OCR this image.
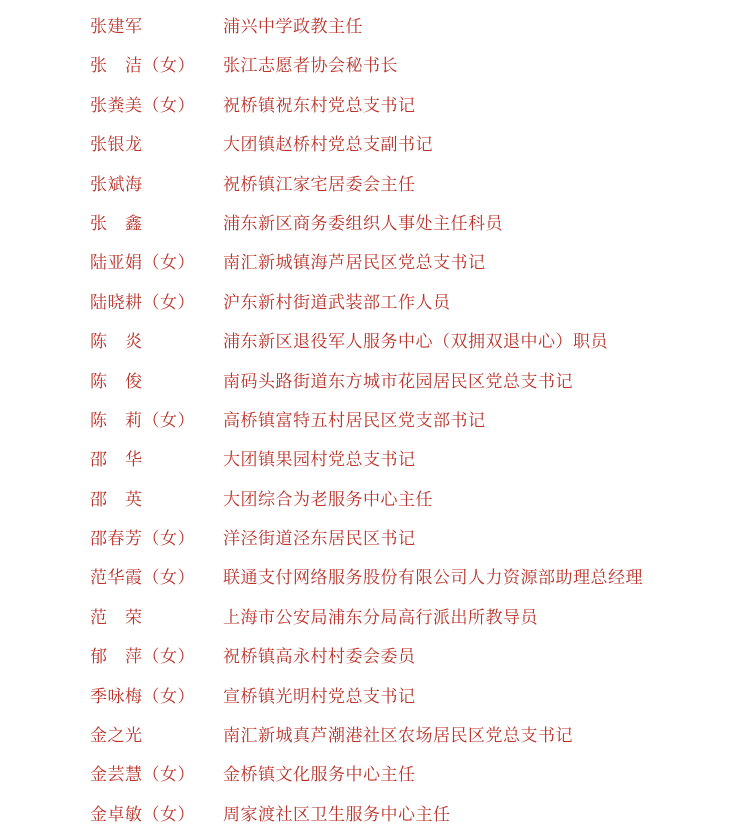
张建军	浦兴中学政教主任
张　洁（女） 张江志愿者协会秘书长
张粪美（女） 祝桥镇祝东村党总支书记
张银龙	大团镇赵桥村党总支副书记
张斌海	祝桥镇江家宅居委会主任
张　鑫	浦东新区商务委组织人事处主任科员
陆亚娟（女） 南汇新城镇海芦居民区党总支书记
陆晓耕（女） 沪东新村街道武装部工作人员
陈　炎	浦东新区退役军人服务中心（双拥双退中心）职员
陈　俊	南码头路街道东方城市花园居民区党总支书记
陈　莉（女） 高桥镇富特五村居民区党支部书记
邵　华	大团镇果园村党总支书记
邵　英	大团综合为老服务中心主任
邵春芳（女） 洋泾街道泾东居民区书记
范华霞（女） 联通支付网络服务股份有限公司人力资源部助理总经理
范　荣	上海市公安局浦东分局高行派出所教导员
郁　萍（女） 祝桥镇高永村村委会委员
季咏梅（女） 宣桥镇光明村党总支书记
金之光	南汇新城真芦潮港社区农场居民区党总支书记
金芸慧（女） 金桥镇文化服务中心主任
金卓敏（女） 周家渡社区卫生服务中心主任
